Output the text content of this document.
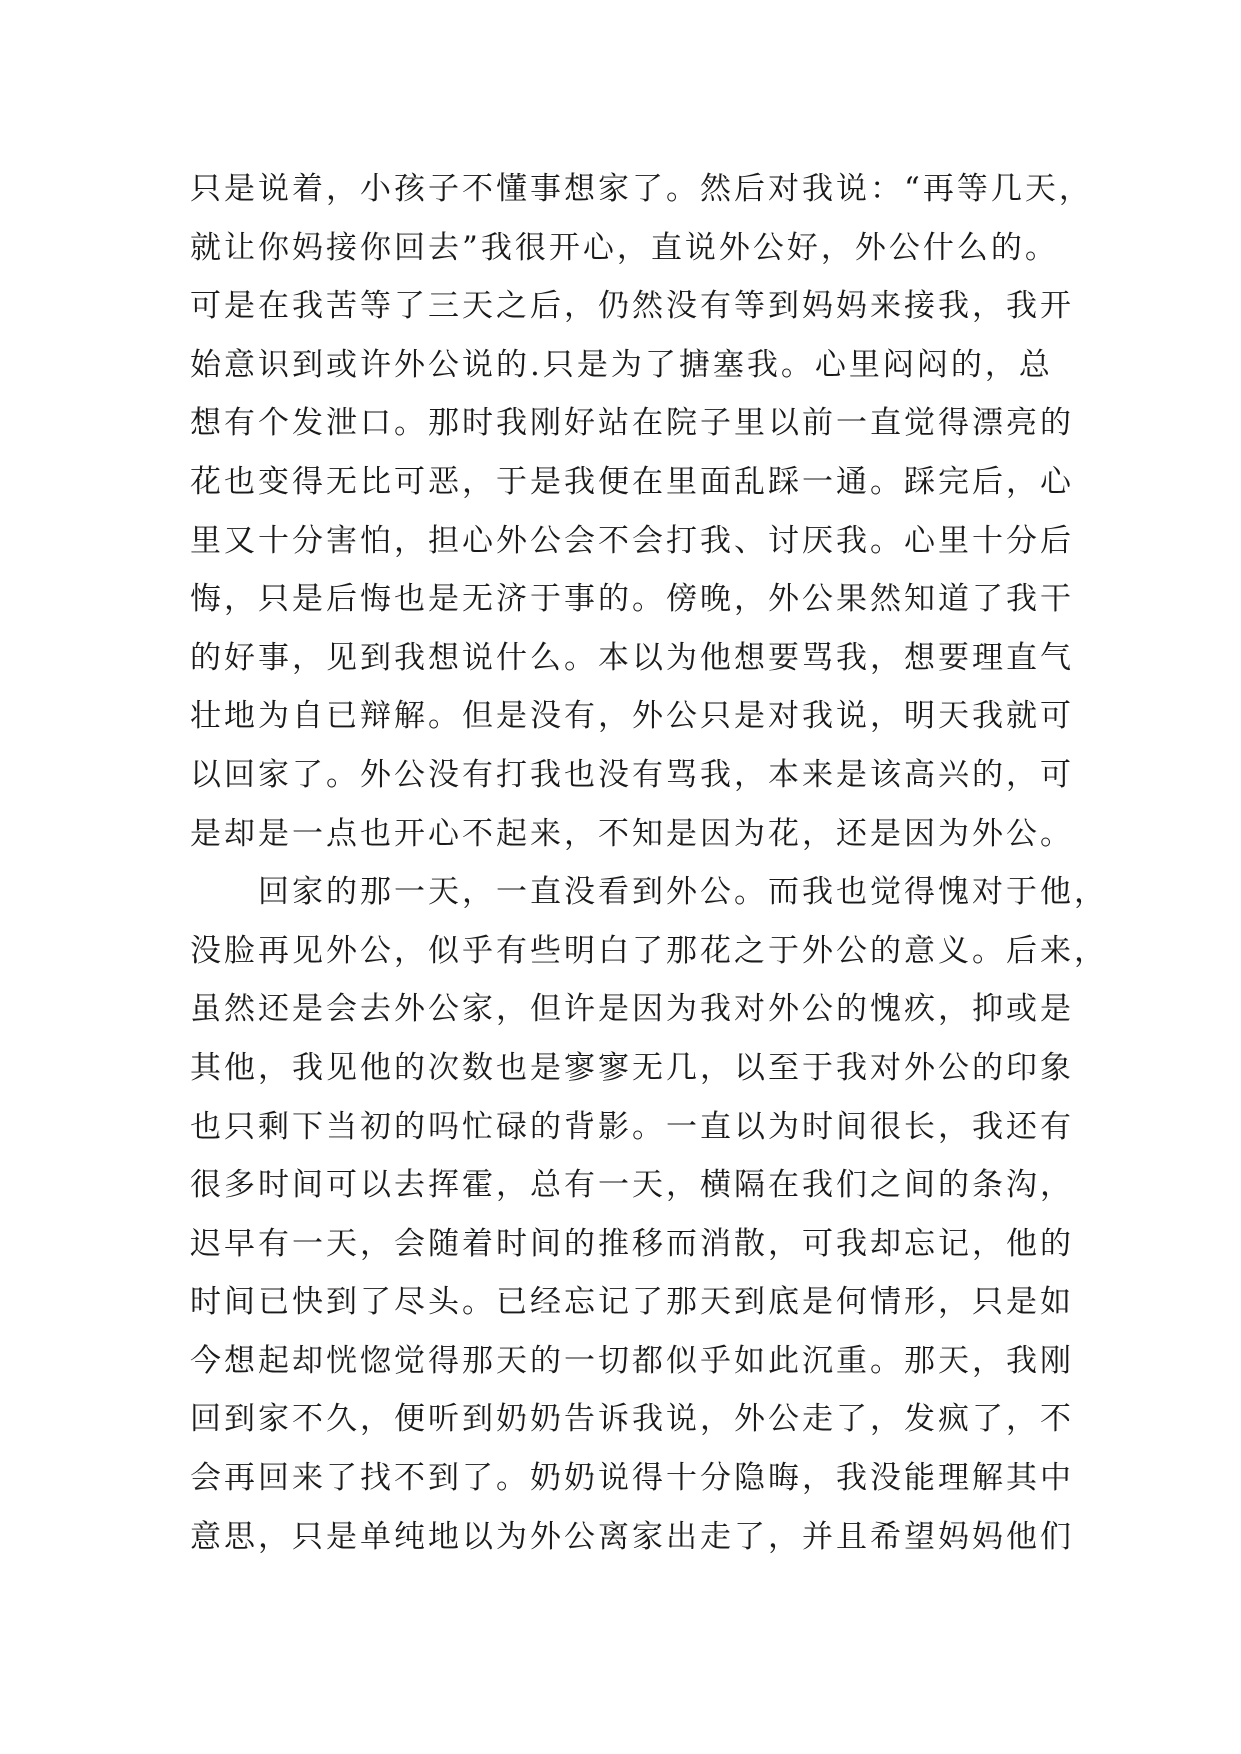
只是说着，小孩子不懂事想家了。然后对我说：“再等几天，
就让你妈接你回去”我很开心，直说外公好，外公什么的。
可是在我苦等了三天之后，仍然没有等到妈妈来接我，我开
始意识到或许外公说的.只是为了搪塞我。心里闷闷的，总
想有个发泄口。那时我刚好站在院子里以前一直觉得漂亮的
花也变得无比可恶，于是我便在里面乱踩一通。踩完后，心
里又十分害怕，担心外公会不会打我、讨厌我。心里十分后
悔，只是后悔也是无济于事的。傍晚，外公果然知道了我干
的好事，见到我想说什么。本以为他想要骂我，想要理直气
壮地为自已辩解。但是没有，外公只是对我说，明天我就可
以回家了。外公没有打我也没有骂我，本来是该高兴的，可
是却是一点也开心不起来，不知是因为花，还是因为外公。
回家的那一天，一直没看到外公。而我也觉得愧对于他，
没脸再见外公，似乎有些明白了那花之于外公的意义。后来，
虽然还是会去外公家，但许是因为我对外公的愧疚，抑或是
其他，我见他的次数也是寥寥无几，以至于我对外公的印象
也只剩下当初的吗忙碌的背影。一直以为时间很长，我还有
很多时间可以去挥霍，总有一天，横隔在我们之间的条沟，
迟早有一天，会随着时间的推移而消散，可我却忘记，他的
时间已快到了尽头。已经忘记了那天到底是何情形，只是如
今想起却恍惚觉得那天的一切都似乎如此沉重。那天，我刚
回到家不久，便听到奶奶告诉我说，外公走了，发疯了，不
会再回来了找不到了。奶奶说得十分隐晦，我没能理解其中
意思，只是单纯地以为外公离家出走了，并且希望妈妈他们
